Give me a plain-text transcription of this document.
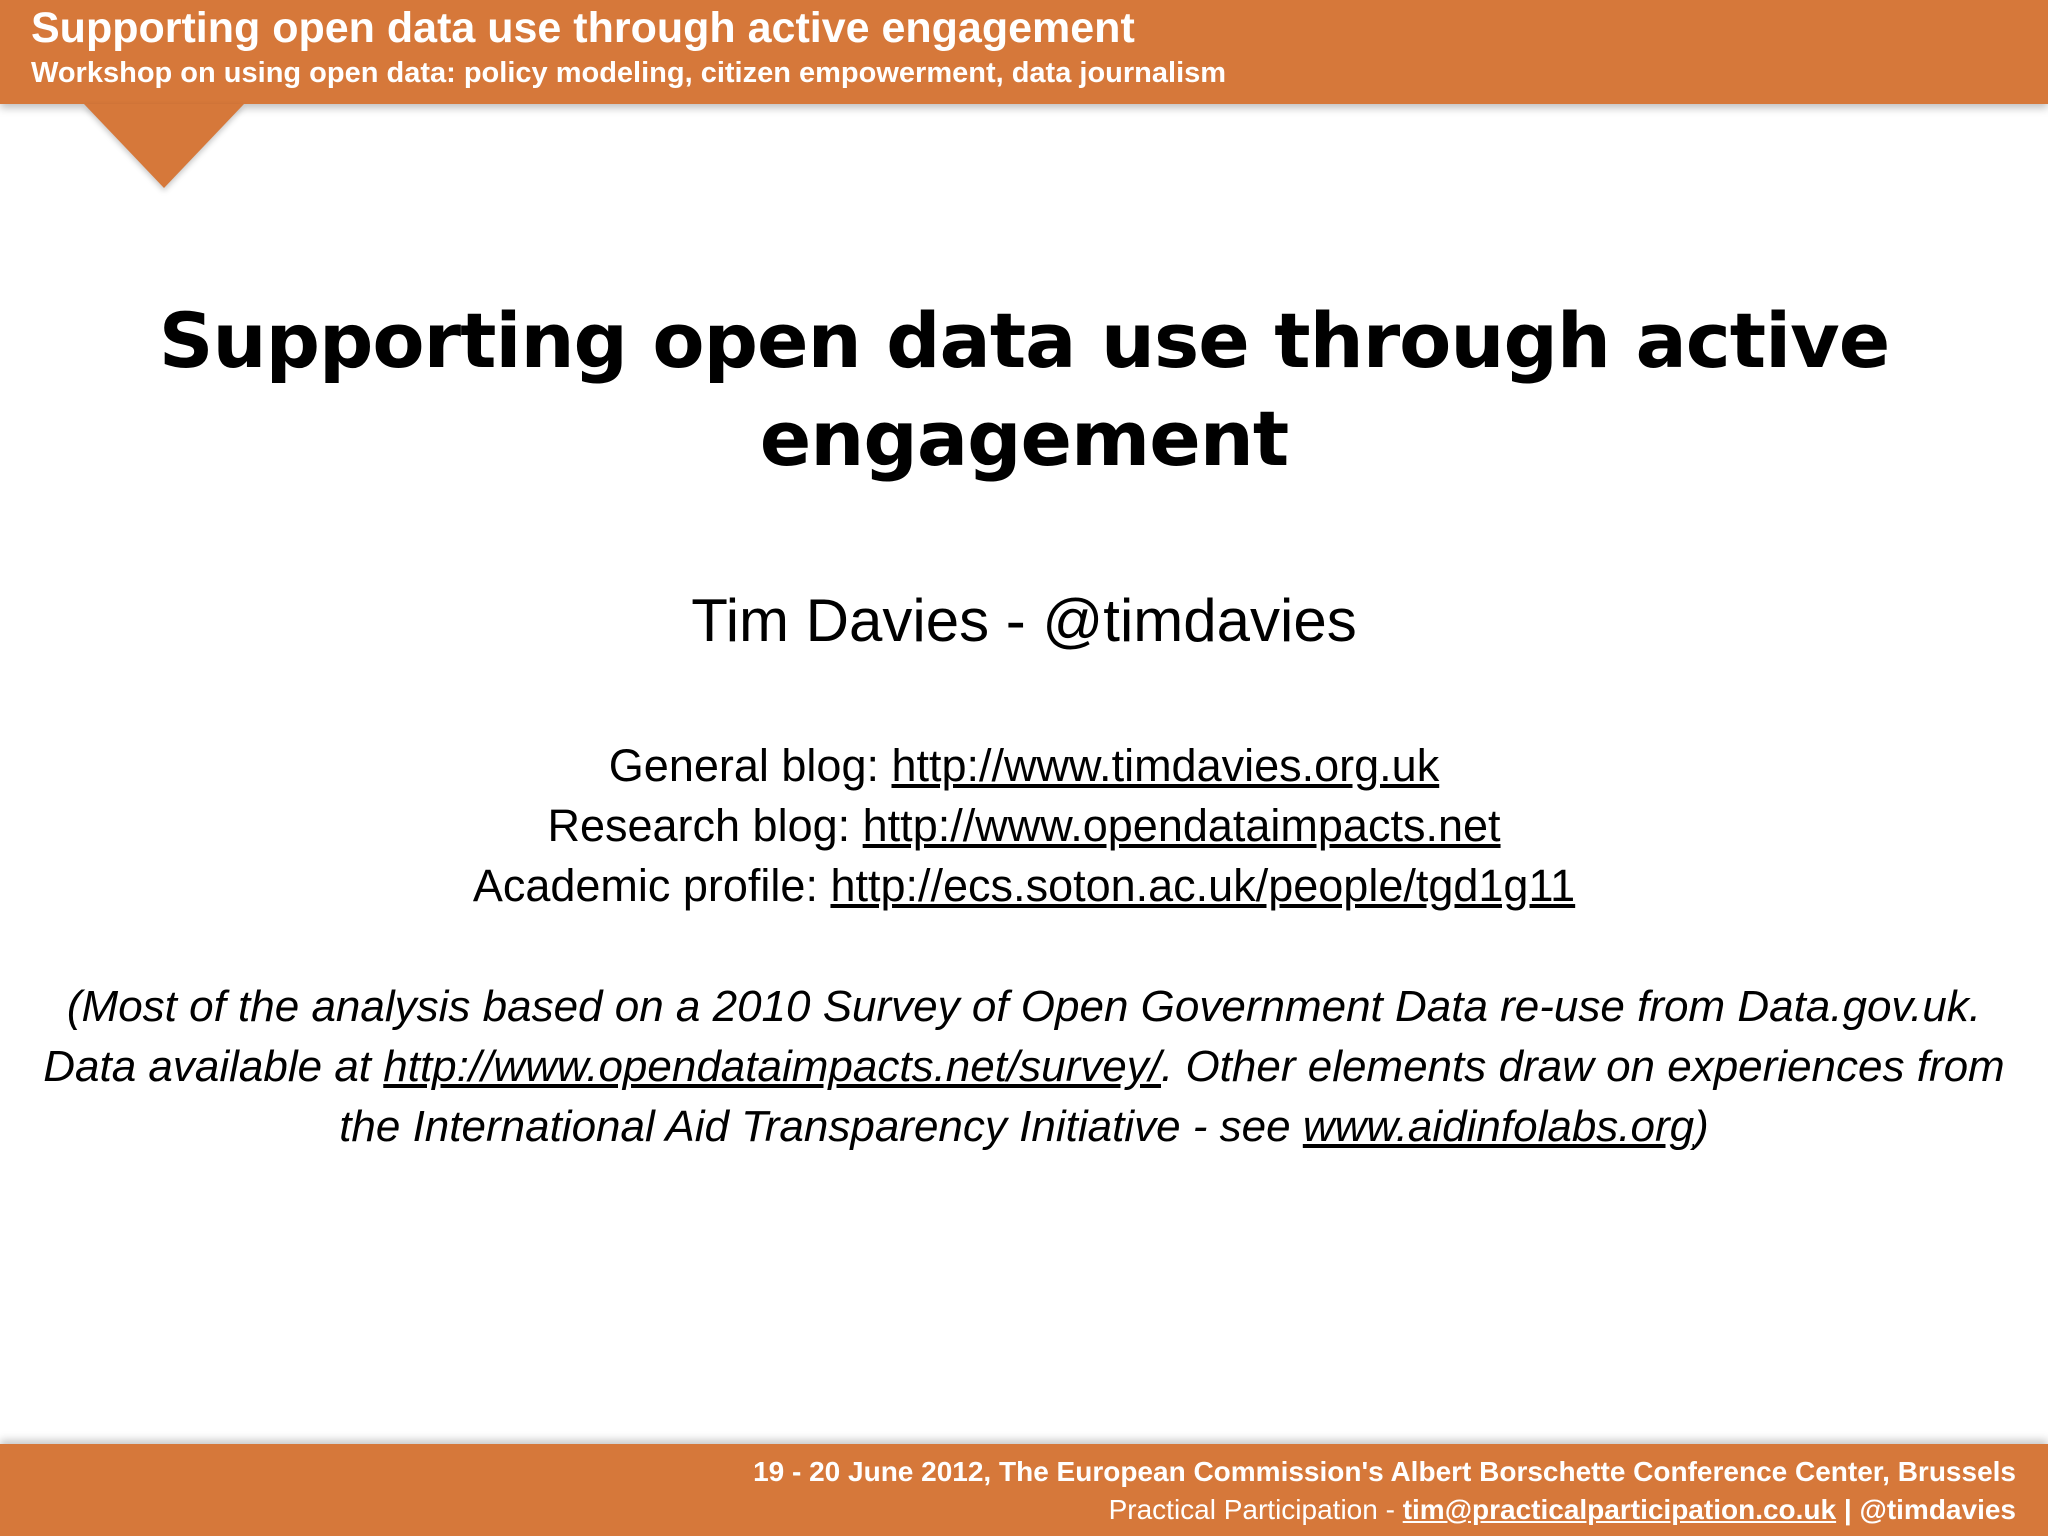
Supporting open data use through active engagement
Workshop on using open data: policy modeling, citizen empowerment, data journalism
Supporting open data use through active
engagement
Tim Davies - @timdavies
General blog: http://www.timdavies.org.uk
Research blog: http://www.opendataimpacts.net
Academic profile: http://ecs.soton.ac.uk/people/tgd1g11
(Most of the analysis based on a 2010 Survey of Open Government Data re-use from Data.gov.uk. Data available at http://www.opendataimpacts.net/survey/. Other elements draw on experiences from the International Aid Transparency Initiative - see www.aidinfolabs.org)
19 - 20 June 2012, The European Commission's Albert Borschette Conference Center, Brussels
Practical Participation - tim@practicalparticipation.co.uk | @timdavies
